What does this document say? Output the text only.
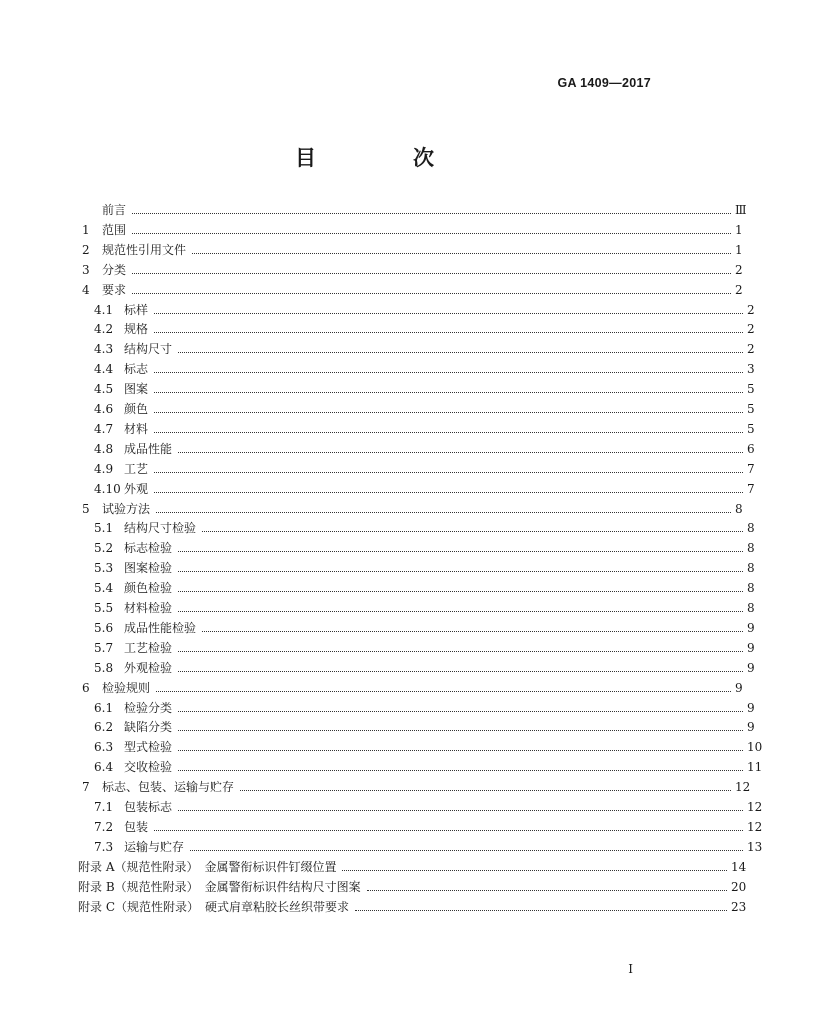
GA 1409—2017
目　次
前言	Ⅲ
1	范围	1
2	规范性引用文件	1
3	分类	2
4	要求	2
4.1 标样	2
4.2 规格	2
4.3 结构尺寸	2
4.4 标志	3
4.5 图案	5
4.6 颜色	5
4.7 材料	5
4.8 成品性能	6
4.9 工艺	7
4.10 外观	7
5	试验方法	8
5.1 结构尺寸检验	8
5.2 标志检验	8
5.3 图案检验	8
5.4 颜色检验	8
5.5 材料检验	8
5.6 成品性能检验	9
5.7 工艺检验	9
5.8 外观检验	9
6	检验规则	9
6.1 检验分类	9
6.2 缺陷分类	9
6.3 型式检验	10
6.4 交收检验	11
7	标志、包装、运输与贮存	12
7.1 包装标志	12
7.2 包装	12
7.3 运输与贮存	13
附录 A（规范性附录）　金属警衔标识件钉缀位置	14
附录 B（规范性附录）　金属警衔标识件结构尺寸图案	20
附录 C（规范性附录）　硬式肩章粘胶长丝织带要求	23
I
